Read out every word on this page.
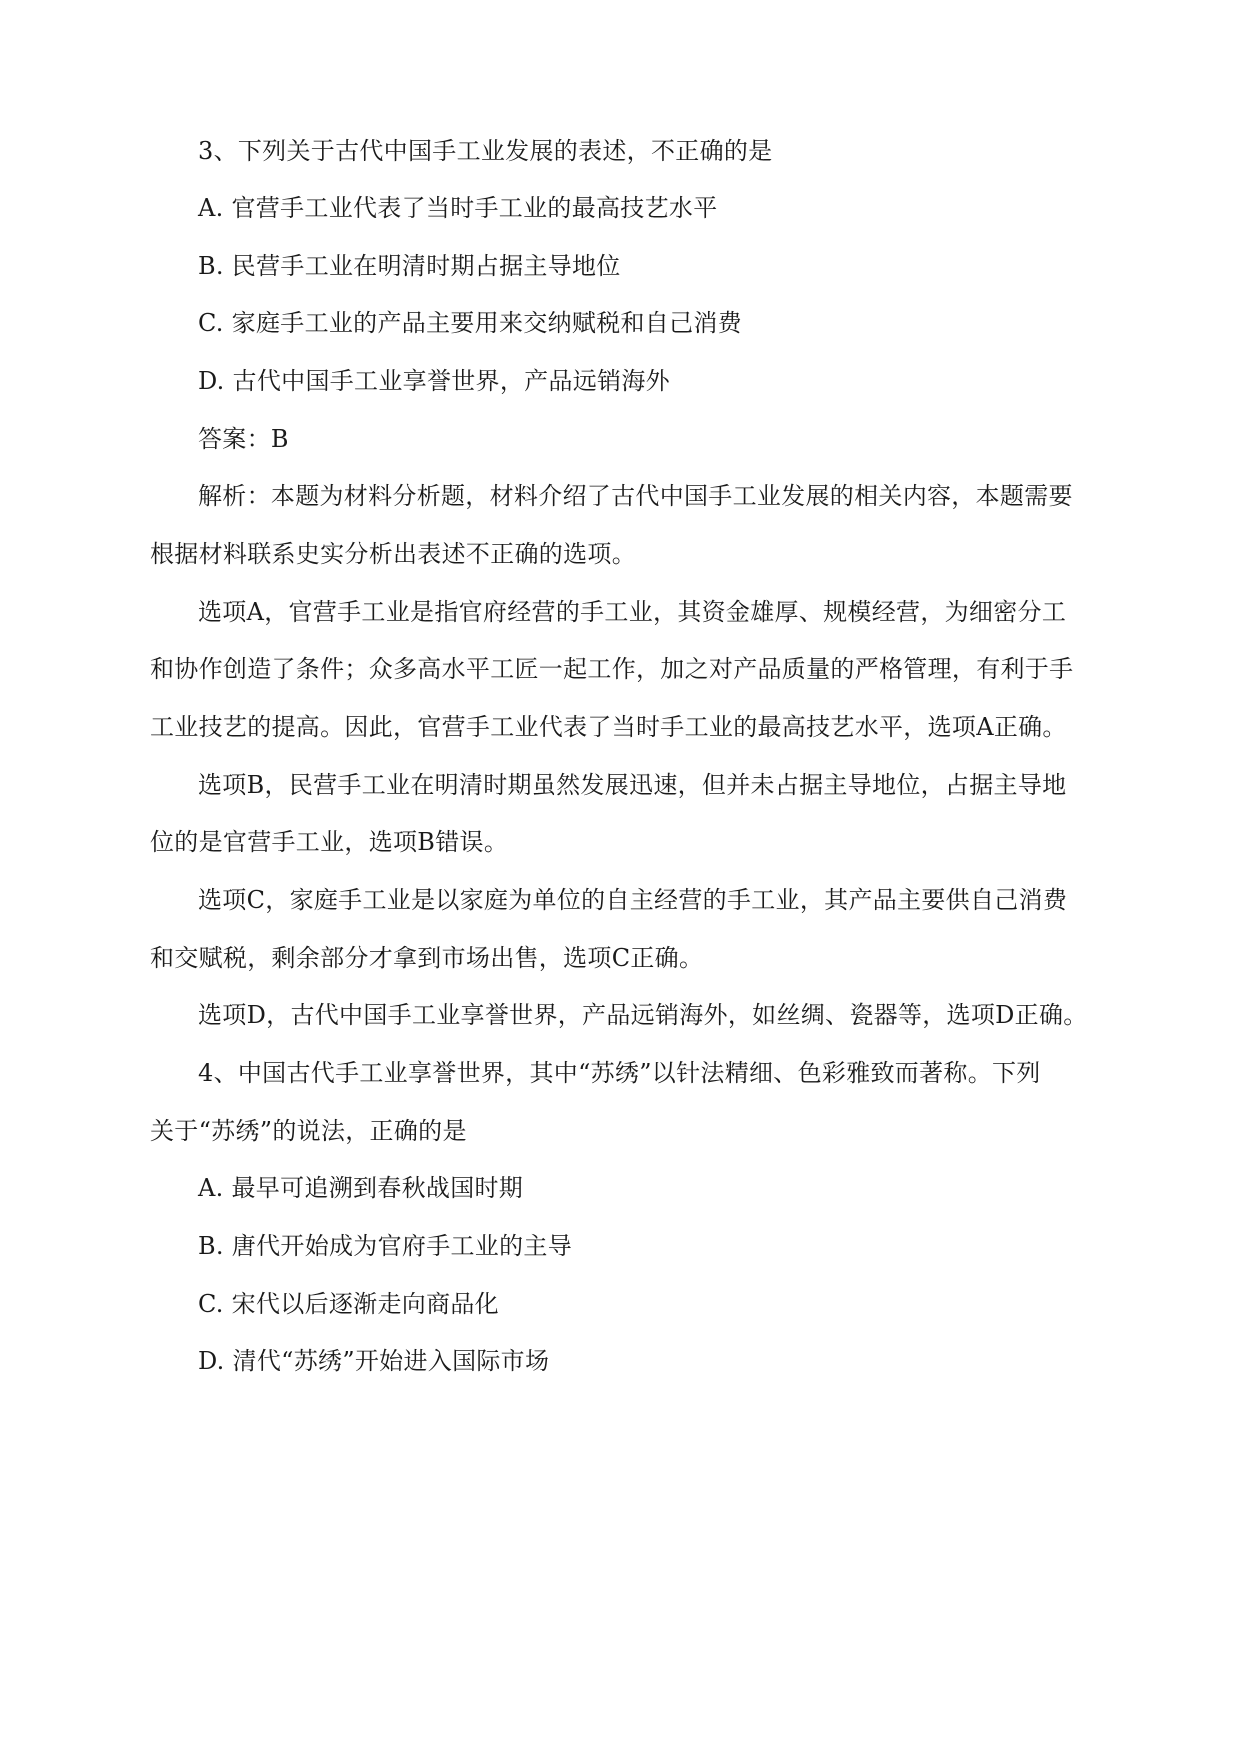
3、下列关于古代中国手工业发展的表述，不正确的是
A. 官营手工业代表了当时手工业的最高技艺水平
B. 民营手工业在明清时期占据主导地位
C. 家庭手工业的产品主要用来交纳赋税和自己消费
D. 古代中国手工业享誉世界，产品远销海外
答案：B
解析：本题为材料分析题，材料介绍了古代中国手工业发展的相关内容，本题需要
根据材料联系史实分析出表述不正确的选项。
选项A，官营手工业是指官府经营的手工业，其资金雄厚、规模经营，为细密分工
和协作创造了条件；众多高水平工匠一起工作，加之对产品质量的严格管理，有利于手
工业技艺的提高。因此，官营手工业代表了当时手工业的最高技艺水平，选项A正确。
选项B，民营手工业在明清时期虽然发展迅速，但并未占据主导地位，占据主导地
位的是官营手工业，选项B错误。
选项C，家庭手工业是以家庭为单位的自主经营的手工业，其产品主要供自己消费
和交赋税，剩余部分才拿到市场出售，选项C正确。
选项D，古代中国手工业享誉世界，产品远销海外，如丝绸、瓷器等，选项D正确。
4、中国古代手工业享誉世界，其中“苏绣”以针法精细、色彩雅致而著称。下列
关于“苏绣”的说法，正确的是
A. 最早可追溯到春秋战国时期
B. 唐代开始成为官府手工业的主导
C. 宋代以后逐渐走向商品化
D. 清代“苏绣”开始进入国际市场
